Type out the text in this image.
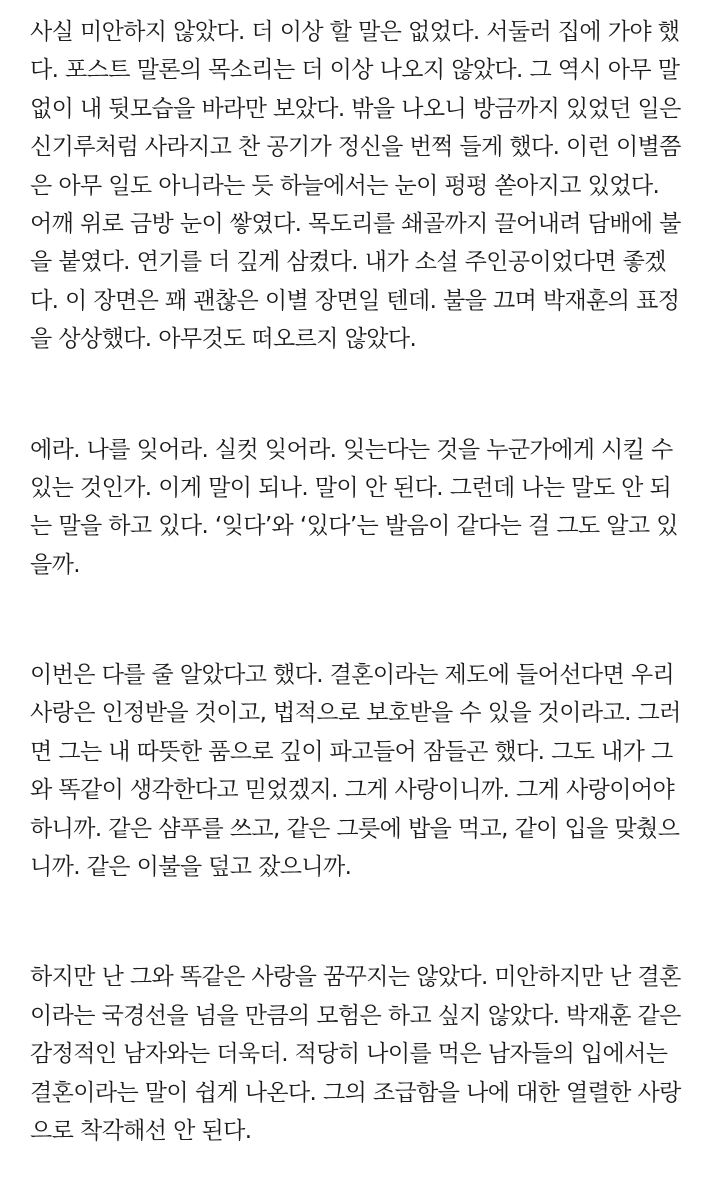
사실 미안하지 않았다. 더 이상 할 말은 없었다. 서둘러 집에 가야 했
다. 포스트 말론의 목소리는 더 이상 나오지 않았다. 그 역시 아무 말
없이 내 뒷모습을 바라만 보았다. 밖을 나오니 방금까지 있었던 일은
신기루처럼 사라지고 찬 공기가 정신을 번쩍 들게 했다. 이런 이별쯤
은 아무 일도 아니라는 듯 하늘에서는 눈이 펑펑 쏟아지고 있었다.
어깨 위로 금방 눈이 쌓였다. 목도리를 쇄골까지 끌어내려 담배에 불
을 붙였다. 연기를 더 깊게 삼켰다. 내가 소설 주인공이었다면 좋겠
다. 이 장면은 꽤 괜찮은 이별 장면일 텐데. 불을 끄며 박재훈의 표정
을 상상했다. 아무것도 떠오르지 않았다.
에라. 나를 잊어라. 실컷 잊어라. 잊는다는 것을 누군가에게 시킬 수
있는 것인가. 이게 말이 되나. 말이 안 된다. 그런데 나는 말도 안 되
는 말을 하고 있다. ‘잊다’와 ‘있다’는 발음이 같다는 걸 그도 알고 있
을까.
이번은 다를 줄 알았다고 했다. 결혼이라는 제도에 들어선다면 우리
사랑은 인정받을 것이고, 법적으로 보호받을 수 있을 것이라고. 그러
면 그는 내 따뜻한 품으로 깊이 파고들어 잠들곤 했다. 그도 내가 그
와 똑같이 생각한다고 믿었겠지. 그게 사랑이니까. 그게 사랑이어야
하니까. 같은 샴푸를 쓰고, 같은 그릇에 밥을 먹고, 같이 입을 맞췄으
니까. 같은 이불을 덮고 잤으니까.
하지만 난 그와 똑같은 사랑을 꿈꾸지는 않았다. 미안하지만 난 결혼
이라는 국경선을 넘을 만큼의 모험은 하고 싶지 않았다. 박재훈 같은
감정적인 남자와는 더욱더. 적당히 나이를 먹은 남자들의 입에서는
결혼이라는 말이 쉽게 나온다. 그의 조급함을 나에 대한 열렬한 사랑
으로 착각해선 안 된다.
